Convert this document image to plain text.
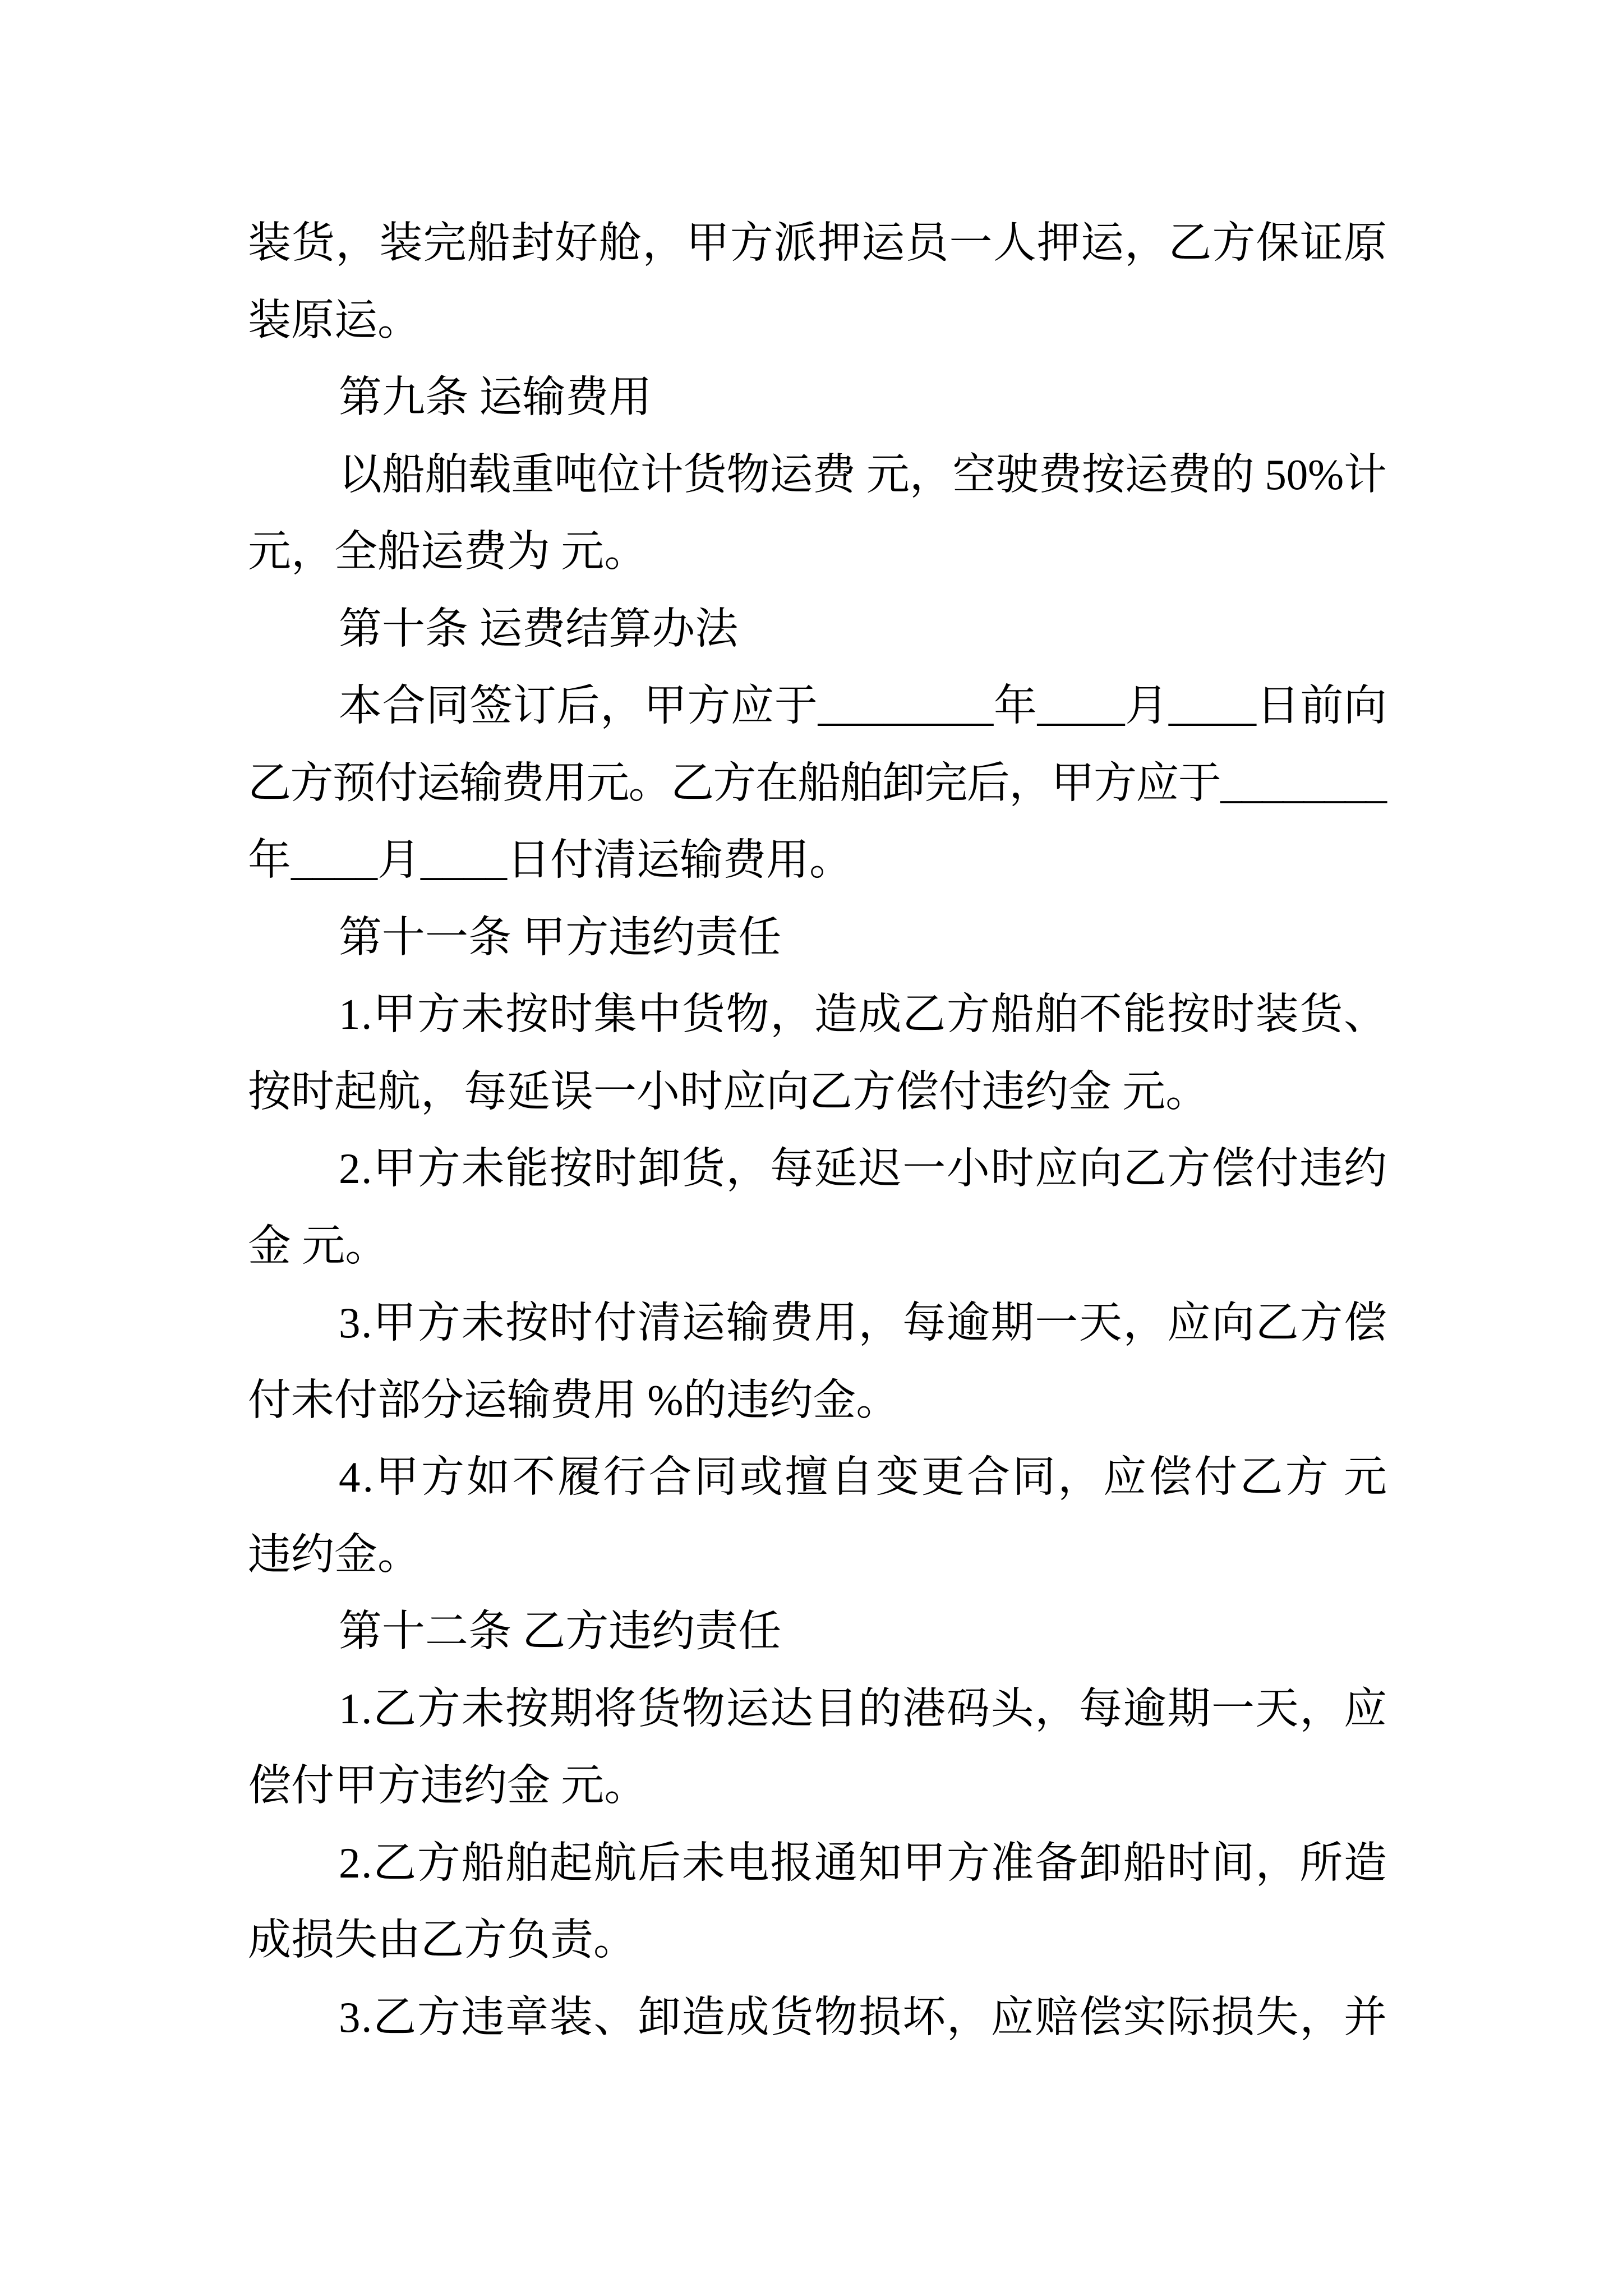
装货，装完船封好舱，甲方派押运员一人押运，乙方保证原
装原运。
第九条 运输费用
以船舶载重吨位计货物运费 元，空驶费按运费的 50%计
元，全船运费为 元。
第十条 运费结算办法
本合同签订后，甲方应于________年____月____日前向
乙方预付运输费用元。乙方在船舶卸完后，甲方应于________
年____月____日付清运输费用。
第十一条 甲方违约责任
1.甲方未按时集中货物，造成乙方船舶不能按时装货、
按时起航，每延误一小时应向乙方偿付违约金 元。
2.甲方未能按时卸货，每延迟一小时应向乙方偿付违约
金 元。
3.甲方未按时付清运输费用，每逾期一天，应向乙方偿
付未付部分运输费用 %的违约金。
4.甲方如不履行合同或擅自变更合同，应偿付乙方 元
违约金。
第十二条 乙方违约责任
1.乙方未按期将货物运达目的港码头，每逾期一天，应
偿付甲方违约金 元。
2.乙方船舶起航后未电报通知甲方准备卸船时间，所造
成损失由乙方负责。
3.乙方违章装、卸造成货物损坏，应赔偿实际损失，并
